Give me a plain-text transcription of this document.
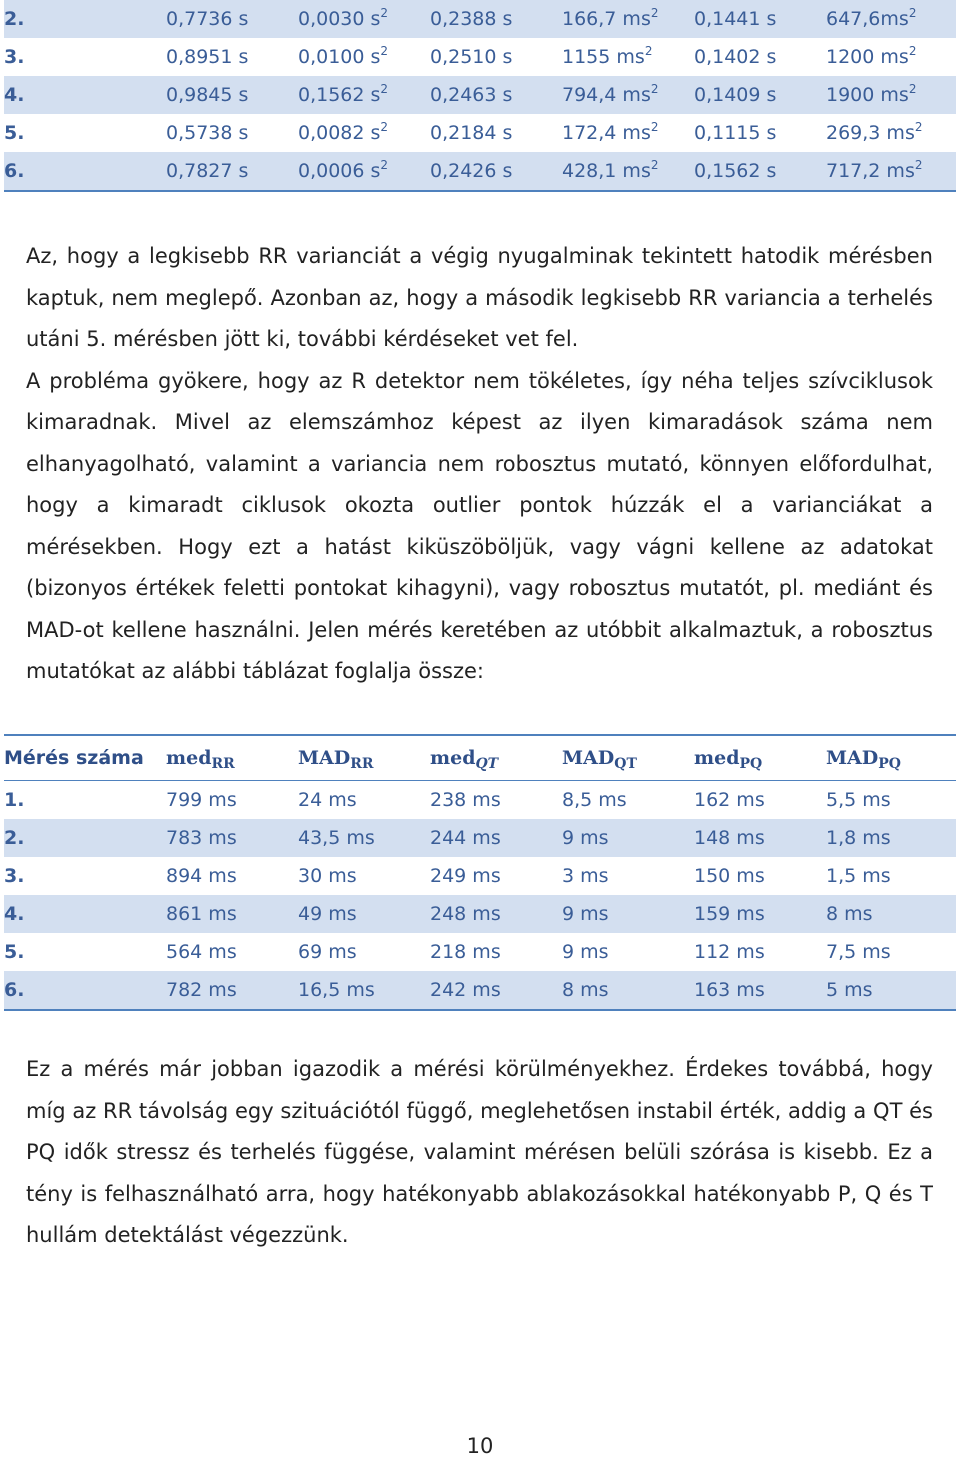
2.	0,7736 s	0,0030 $s^2$	0,2388 s	166,7 $ms^2$	0,1441 s	$647,6ms^2$
3.	0,8951 s	0,0100 $s^2$	0,2510 s	1155 $ms^2$	0,1402 s	1200 $ms^2$
4.	0,9845 s	0,1562 $s^2$	0,2463 s	794,4 $ms^2$	0,1409 s	1900 $ms^2$
5.	0,5738 s	0,0082 $s^2$	0,2184 s	172,4 $ms^2$	0,1115 s	269,3 $ms^2$
6.	0,7827 s	0,0006 $s^2$	0,2426 s	428,1 $ms^2$	0,1562 s	717,2 $ms^2$
Az, hogy a legkisebb RR varianciát a végig nyugalminak tekintett hatodik mérésben kaptuk, nem meglepő. Azonban az, hogy a második legkisebb RR variancia a terhelés utáni 5. mérésben jött ki, további kérdéseket vet fel.
A probléma gyökere, hogy az R detektor nem tökéletes, így néha teljes szívciklusok kimaradnak. Mivel az elemszámhoz képest az ilyen kimaradások száma nem elhanyagolható, valamint a variancia nem robosztus mutató, könnyen előfordulhat, hogy a kimaradt ciklusok okozta outlier pontok húzzák el a varianciákat a mérésekben. Hogy ezt a hatást kiküszöböljük, vagy vágni kellene az adatokat (bizonyos értékek feletti pontokat kihagyni), vagy robosztus mutatót, pl. mediánt és MAD-ot kellene használni. Jelen mérés keretében az utóbbit alkalmaztuk, a robosztus mutatókat az alábbi táblázat foglalja össze:
Mérés száma	med$_{RR}$	$MAD_{RR}$	med$_{QT}$	$MAD_{QT}$	med$_{PQ}$	$MAD_{PQ}$
1.	799 ms	24 ms	238 ms	8,5 ms	162 ms	5,5 ms
2.	783 ms	43,5 ms	244 ms	9 ms	148 ms	1,8 ms
3.	894 ms	30 ms	249 ms	3 ms	150 ms	1,5 ms
4.	861 ms	49 ms	248 ms	9 ms	159 ms	8 ms
5.	564 ms	69 ms	218 ms	9 ms	112 ms	7,5 ms
6.	782 ms	16,5 ms	242 ms	8 ms	163 ms	5 ms
Ez a mérés már jobban igazodik a mérési körülményekhez. Érdekes továbbá, hogy míg az RR távolság egy szituációtól függő, meglehetősen instabil érték, addig a QT és PQ idők stressz és terhelés függése, valamint mérésen belüli szórása is kisebb. Ez a tény is felhasználható arra, hogy hatékonyabb ablakozásokkal hatékonyabb P, Q és T hullám detektálást végezzünk.
10
